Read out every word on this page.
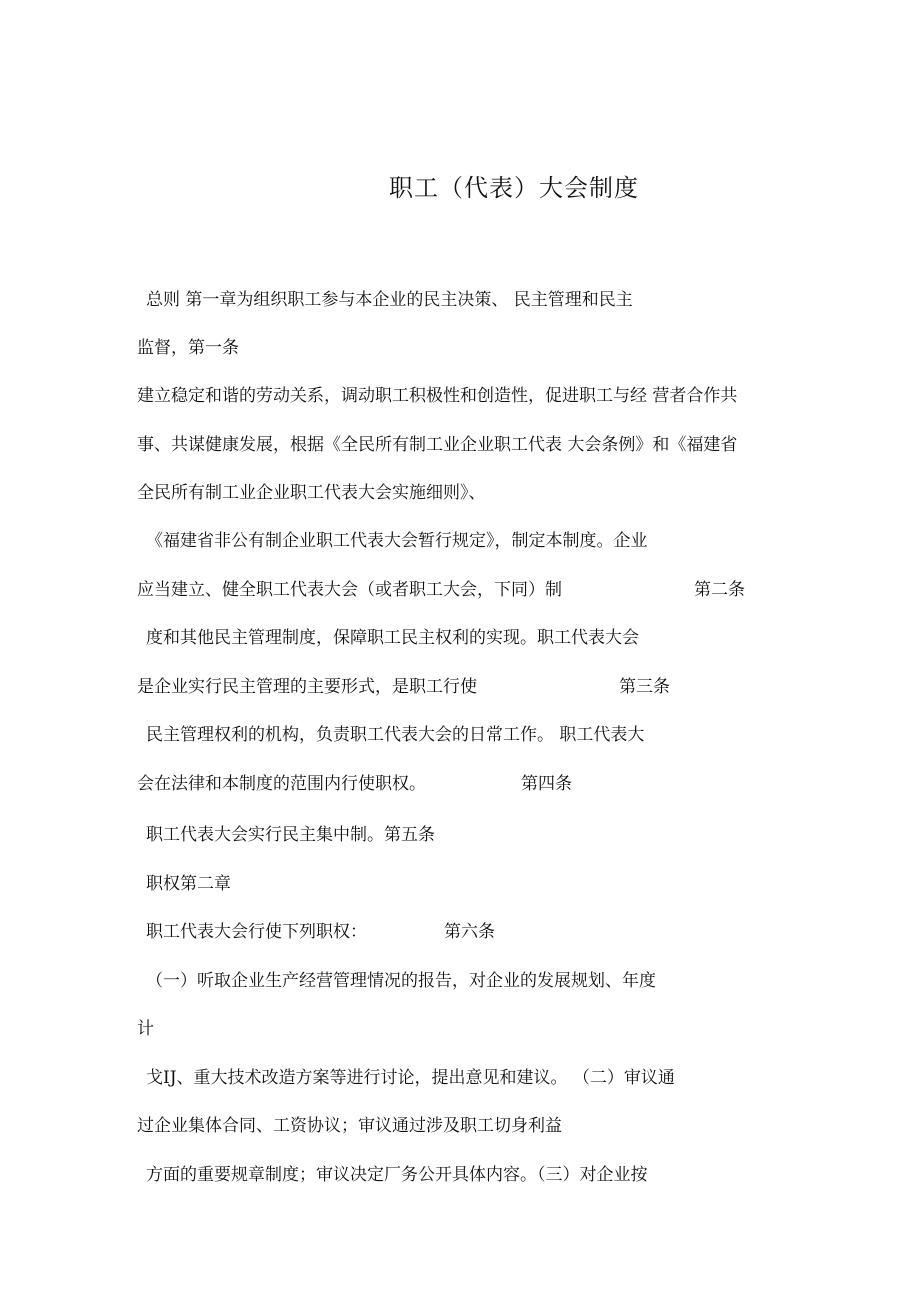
职工（代表）大会制度

总则 第一章为组织职工参与本企业的民主决策、 民主管理和民主

监督，第一条

建立稳定和谐的劳动关系，调动职工积极性和创造性，促进职工与经 营者合作共

事、共谋健康发展，根据《全民所有制工业企业职工代表 大会条例》和《福建省

全民所有制工业企业职工代表大会实施细则》、

《福建省非公有制企业职工代表大会暂行规定》，制定本制度。企业

应当建立、健全职工代表大会（或者职工大会，下同）制	第二条

度和其他民主管理制度，保障职工民主权利的实现。职工代表大会

是企业实行民主管理的主要形式，是职工行使	第三条

民主管理权利的机构，负责职工代表大会的日常工作。 职工代表大

会在法律和本制度的范围内行使职权。	第四条

职工代表大会实行民主集中制。第五条

职权第二章

职工代表大会行使下列职权：	第六条

（一）听取企业生产经营管理情况的报告，对企业的发展规划、年度

计

戈IJ、重大技术改造方案等进行讨论，提出意见和建议。 （二）审议通

过企业集体合同、工资协议；审议通过涉及职工切身利益

方面的重要规章制度；审议决定厂务公开具体内容。（三）对企业按
